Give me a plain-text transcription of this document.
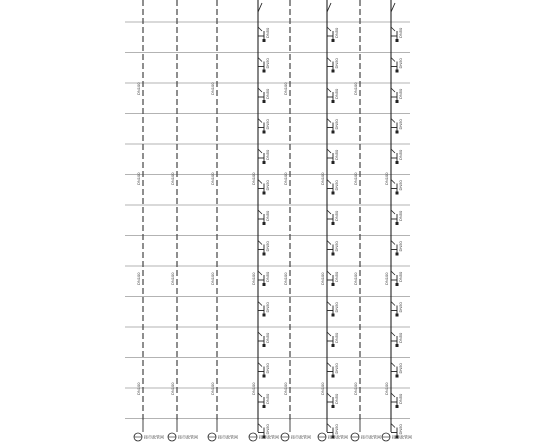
DN100
DN100
DN100
DN100
DN100
DN100
DN100
DN100
DN100
DN100
DN100
DN100
DN100
DN100
DN50
DN50
DN50
DN50
DN50
DN50
DN50
DN50
DN50
DN50
DN50
DN50
DN50
DN50
DN100
DN100
DN100
DN100
DN100
DN100
DN100
DN50
DN50
DN50
DN50
DN50
DN50
DN50
DN50
DN50
DN50
DN50
DN50
DN50
DN50
DN100
DN100
DN100
DN100
DN100
DN100
DN100
DN50
DN50
DN50
DN50
DN50
DN50
DN50
DN50
DN50
DN50
DN50
DN50
DN50
DN50
接市政管网	接市政管网	接市政管网	接市政管网	接市政管网	接市政管网	接市政管网	接市政管网
